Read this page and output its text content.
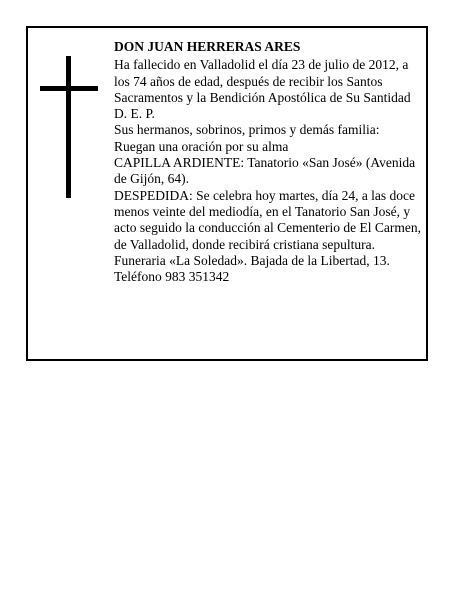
DON JUAN HERRERAS ARES

Ha fallecido en Valladolid el día 23 de julio de 2012, a los 74 años de edad, después de recibir los Santos Sacramentos y la Bendición Apostólica de Su Santidad

D. E. P.

Sus hermanos, sobrinos, primos y demás familia:

Ruegan una oración por su alma

CAPILLA ARDIENTE: Tanatorio «San José» (Avenida de Gijón, 64).

DESPEDIDA: Se celebra hoy martes, día 24, a las doce menos veinte del mediodía, en el Tanatorio San José, y acto seguido la conducción al Cementerio de El Carmen, de Valladolid, donde recibirá cristiana sepultura.

Funeraria «La Soledad». Bajada de la Libertad, 13.

Teléfono 983 351342
